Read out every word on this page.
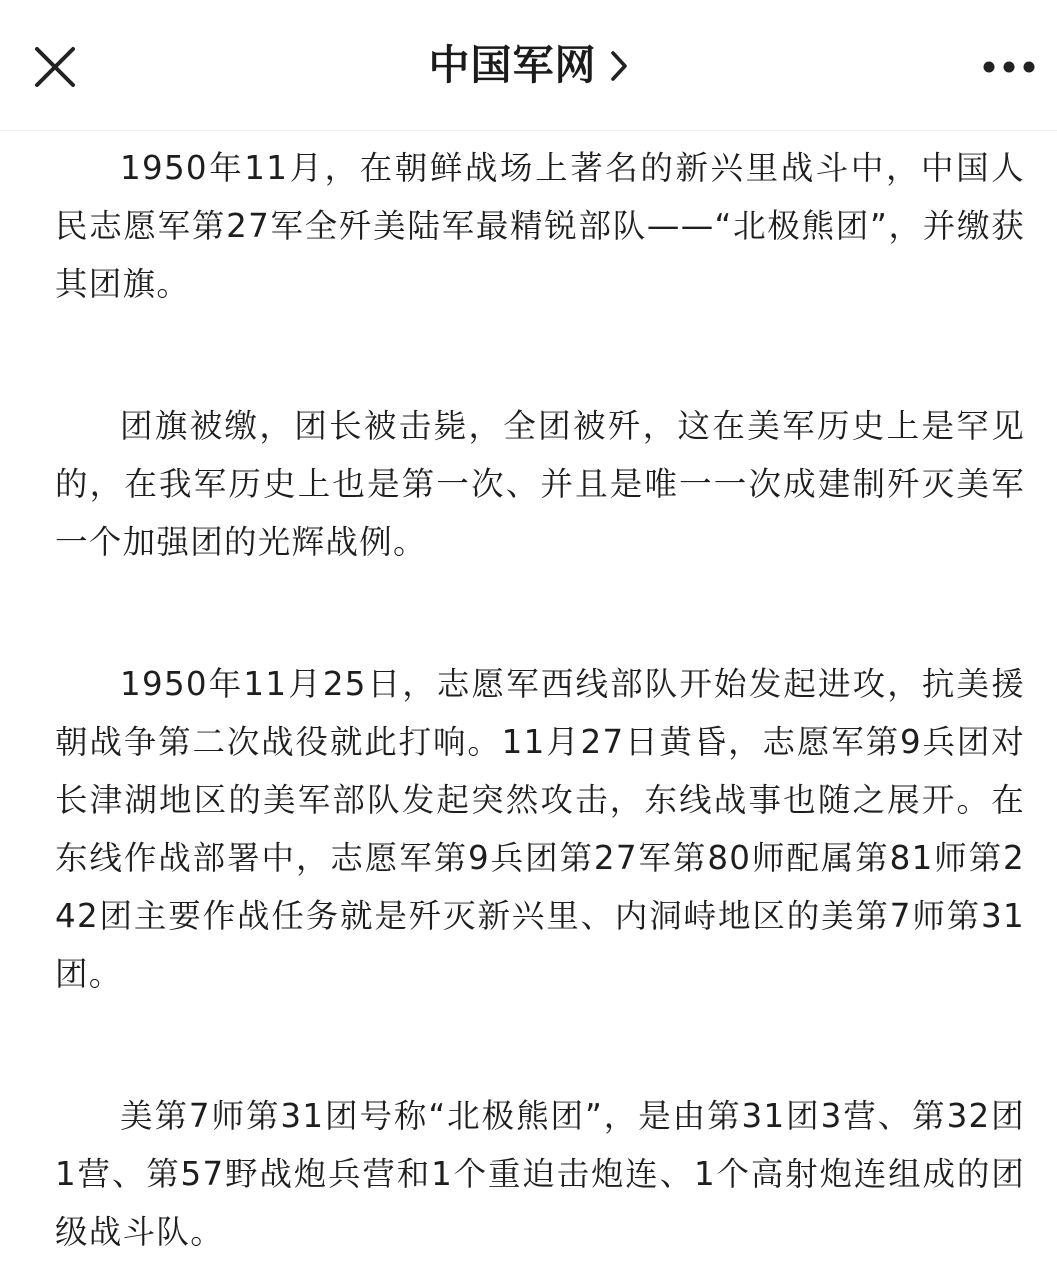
中国军网

1950年11月，在朝鲜战场上著名的新兴里战斗中，中国人民志愿军第27军全歼美陆军最精锐部队——“北极熊团”，并缴获其团旗。

团旗被缴，团长被击毙，全团被歼，这在美军历史上是罕见的，在我军历史上也是第一次、并且是唯一一次成建制歼灭美军一个加强团的光辉战例。

1950年11月25日，志愿军西线部队开始发起进攻，抗美援朝战争第二次战役就此打响。11月27日黄昏，志愿军第9兵团对长津湖地区的美军部队发起突然攻击，东线战事也随之展开。在东线作战部署中，志愿军第9兵团第27军第80师配属第81师第242团主要作战任务就是歼灭新兴里、内洞峙地区的美第7师第31团。

美第7师第31团号称“北极熊团”，是由第31团3营、第32团1营、第57野战炮兵营和1个重迫击炮连、1个高射炮连组成的团级战斗队。
